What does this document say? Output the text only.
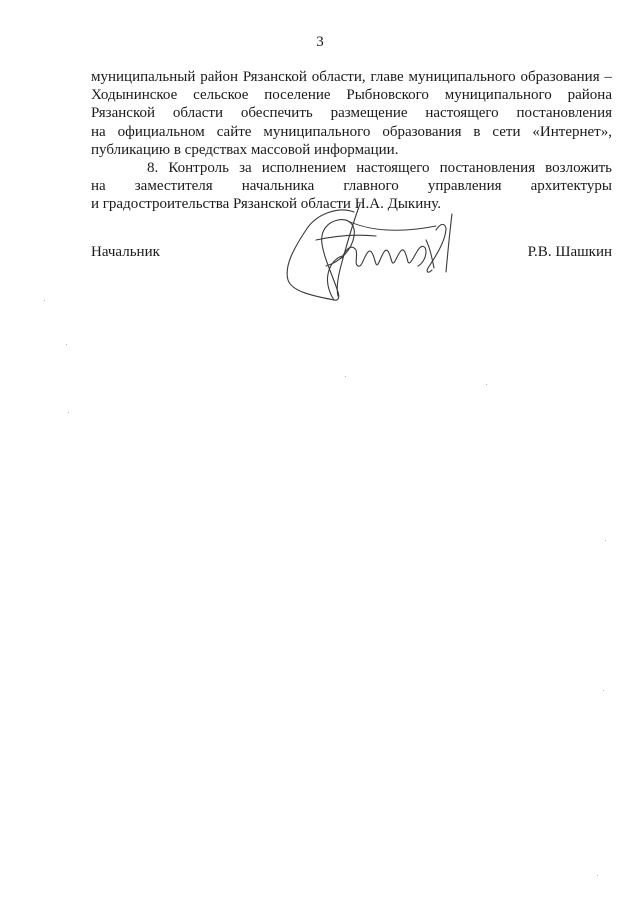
3
муниципальный район Рязанской области, главе муниципального образования –
Ходынинское сельское поселение Рыбновского муниципального района
Рязанской области обеспечить размещение настоящего постановления
на официальном сайте муниципального образования в сети «Интернет»,
публикацию в средствах массовой информации.
8. Контроль за исполнением настоящего постановления возложить
на заместителя начальника главного управления архитектуры
и градостроительства Рязанской области Н.А. Дыкину.
Начальник	Р.В. Шашкин
